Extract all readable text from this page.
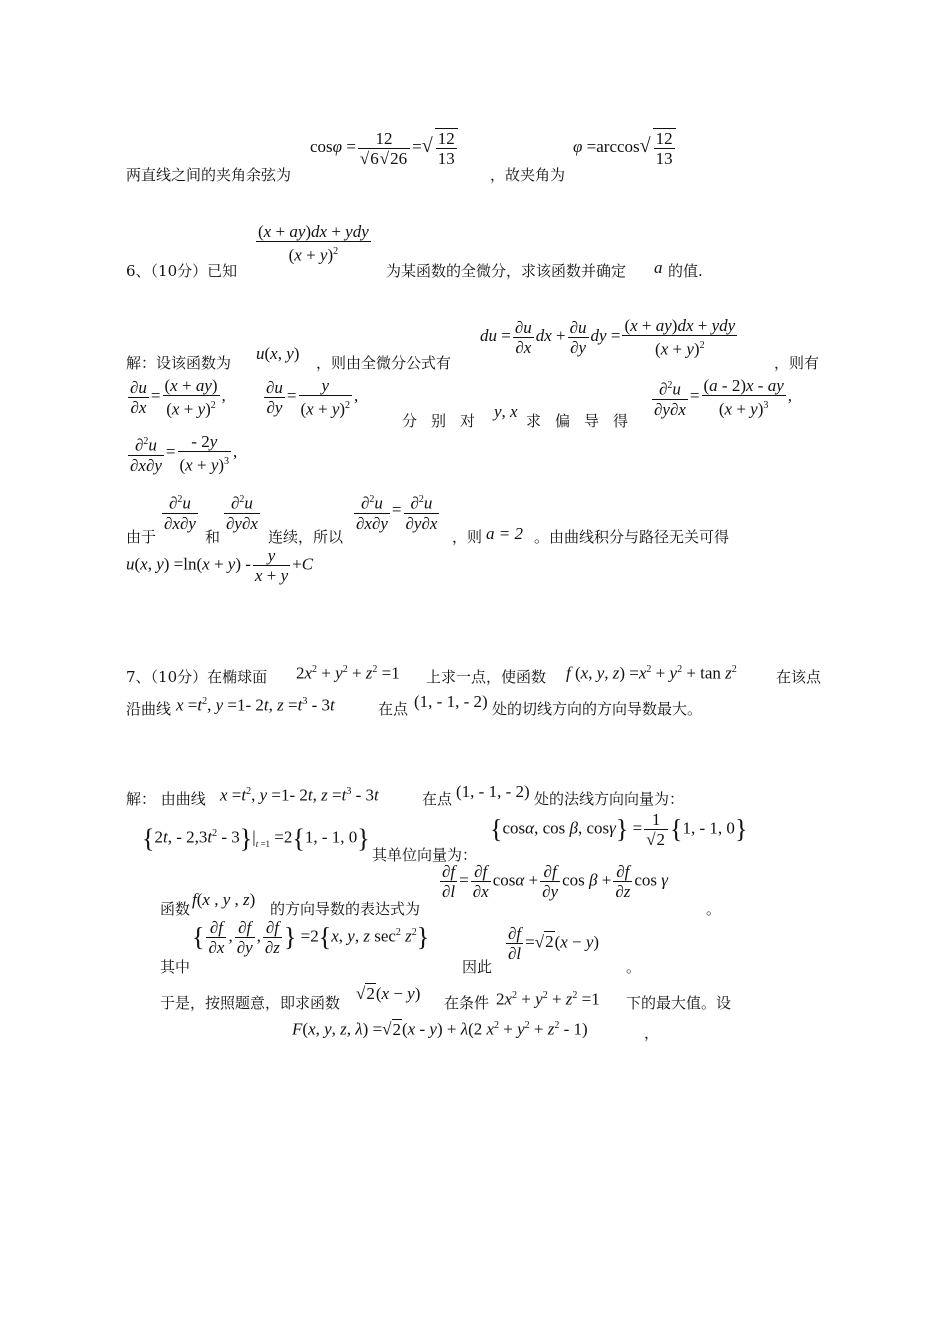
两直线之间的夹角余弦为
$\cos\varphi = \frac{12}{√6√26}$ =√ $\frac{12}{13}$
，故夹角为
$\varphi =\arccos√ \frac{12}{13}$
6、（10分）已知
$\frac{\text{(x + ay)dx + ydy}}{(x + y)^2}$
为某函数的全微分，求该函数并确定 a 的值.
解：设该函数为 u(x, y) ，则由全微分公式有
du = $\frac{\partial u}{\partial x}$ dx + $\frac{\partial u}{\partial y}$ dy = $\frac{\text{(x + ay)dx + ydy}}{(x + y)^2}$
，则有
$\frac{\partial u}{\partial x} = \frac{(x + ay)}{(x + y)^2}$ , $\frac{\partial u}{\partial y} = \frac{y}{(x + y)^2}$ ,
分别对 y, x 求偏导得
$\frac{\partial^2u}{\partial y\partial x} = \frac{(a - 2)x - ay}{(x + y)^3}$ ,
$\frac{\partial^2u}{\partial x\partial y} = \frac{- 2y}{(x + y)^3}$ ,
由于
$\frac{\partial^2u}{\partial x\partial y}$
和
$\frac{\partial^2u}{\partial y\partial x}$
连续，所以
$\frac{\partial^2u}{\partial x\partial y} = \frac{\partial^2u}{\partial y\partial x}$
，则 a = 2 。由曲线积分与路径无关可得
u(x, $y) =\ln(x + y) - \frac{y}{x + y} +C$
7、（10分）在椭球面 $2x^2 + y^2 + z^2 =1$ 上求一点，使函数 f (x, y, $z) =x^2 + y^2 + \tan z^2$	在该点
沿曲线 $x =t^2$, y =1- 2t, $z =t^3 - 3t$	在点 (1, - 1, - 2) 处的切线方向的方向导数最大。
解： 由曲线 $x =t^2$, y =1- 2t, $z =t^3 - 3t$	在点 (1, - 1, - 2) 处的法线方向向量为：
{2t, - $2,3t^2 - 3\}|_{t =1} =2\{1$, - 1, 0}
其单位向量为：
{cosα, cos β, $\cos\gamma\} = \frac{1}{√2} \{1$, - 1, 0}
函数 f(x , y , z) 的方向导数的表达式为
$\frac{\partial f}{\partial l} = \frac{\partial f}{\partial x}$ $\cos\alpha + \frac{\partial f}{\partial y}$ $\cos \beta + \frac{\partial f}{\partial z}$ cos γ
。
其中
{ $\frac{\partial f}{\partial x}$ , $\frac{\partial f}{\partial y}$ , $\frac{\partial f}{\partial z}$ } =2{x, y, z $\sec^2 z^2$}
因此
$\frac{\partial f}{\partial l} =√2(x - y)$
。
于是，按照题意，即求函数 √2(x − y) 在条件 $2x^2 + y^2 + z^2 =1$ 下的最大值。设
F(x, y, z, λ) =√2(x - y) + λ(2 $x^2 + y^2 + z^2 - 1$)	，
